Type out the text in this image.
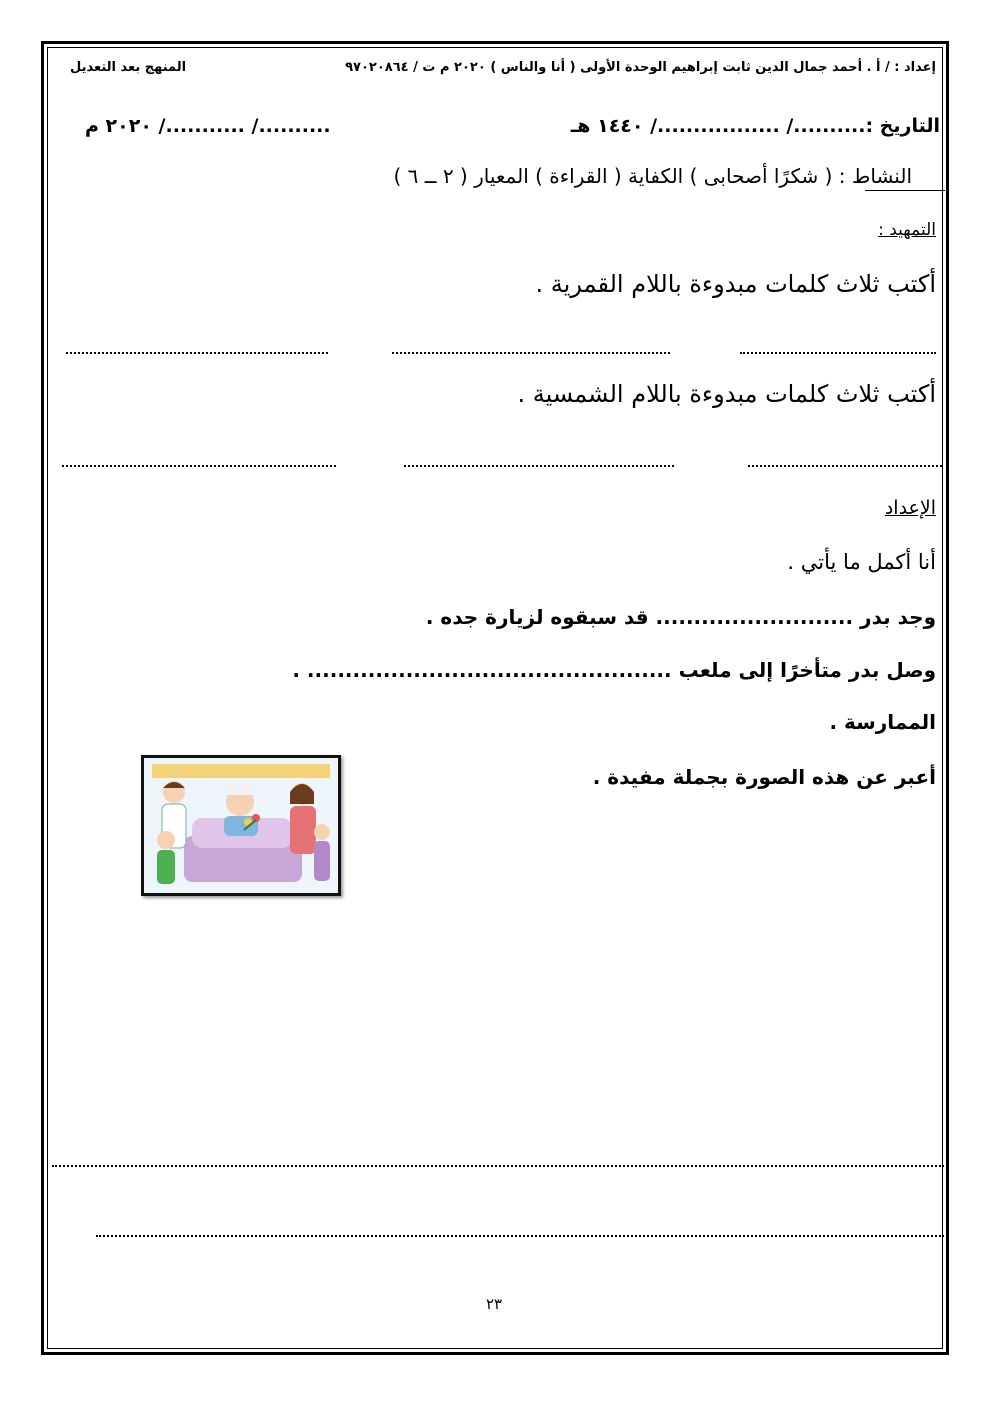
إعداد : / أ . أحمد جمال الدين ثابت إبراهيم الوحدة الأولى ( أنا والناس ) ٢٠٢٠ م ت / ٩٧٠٢٠٨٦٤
المنهج بعد التعديل
التاريخ :........../ ................./ ١٤٤٠ هـ
........../ .........../ ٢٠٢٠ م
النشاط : ( شكرًا أصحابى ) الكفاية ( القراءة ) المعيار ( ٢ ــ ٦ )
التمهيد :
أكتب ثلاث كلمات مبدوءة باللام القمرية .
أكتب ثلاث كلمات مبدوءة باللام الشمسية .
الإعداد
أنا أكمل ما يأتي .
وجد بدر .......................... قد سبقوه لزيارة جده .
وصل بدر متأخرًا إلى ملعب ................................................ .
الممارسة .
أعبر عن هذه الصورة بجملة مفيدة .
٢٣
